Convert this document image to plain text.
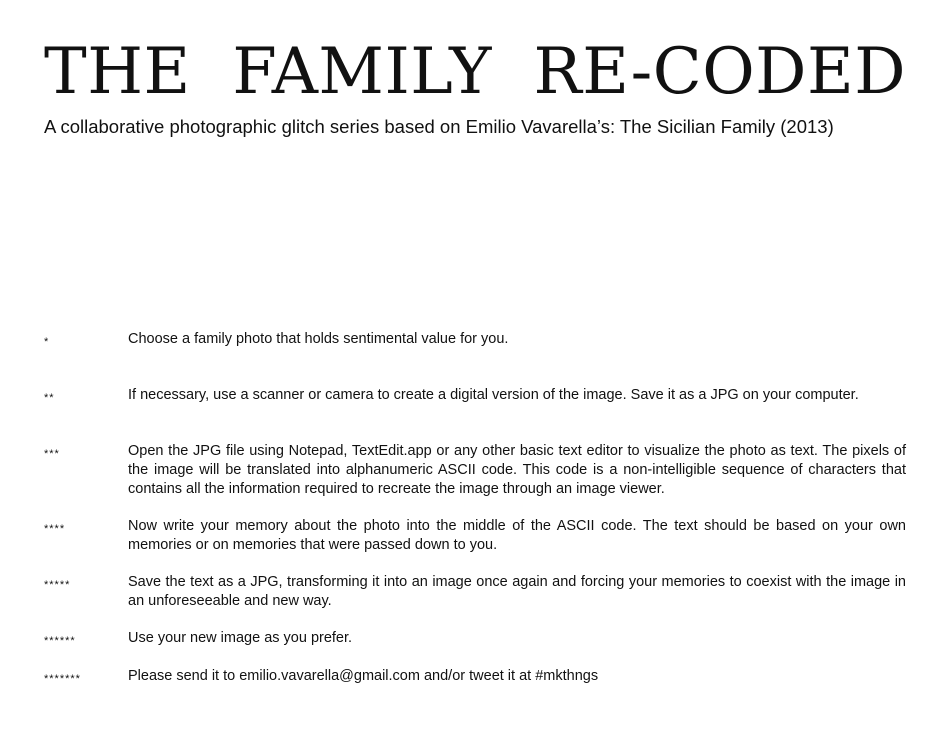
THE FAMILY RE-CODED

A collaborative photographic glitch series based on Emilio Vavarella’s: The Sicilian Family (2013)

*	Choose a family photo that holds sentimental value for you.

**	If necessary, use a scanner or camera to create a digital version of the image. Save it as a JPG on your computer.

***	Open the JPG file using Notepad, TextEdit.app or any other basic text editor to visualize the photo as text. The pixels of the image will be translated into alphanumeric ASCII code. This code is a non-intelligible sequence of characters that contains all the information required to recreate the image through an image viewer.

****	Now write your memory about the photo into the middle of the ASCII code. The text should be based on your own memories or on memories that were passed down to you.

*****	Save the text as a JPG, transforming it into an image once again and forcing your memories to coexist with the image in an unforeseeable and new way.

******	Use your new image as you prefer.

*******	Please send it to emilio.vavarella@gmail.com and/or tweet it at #mkthngs
